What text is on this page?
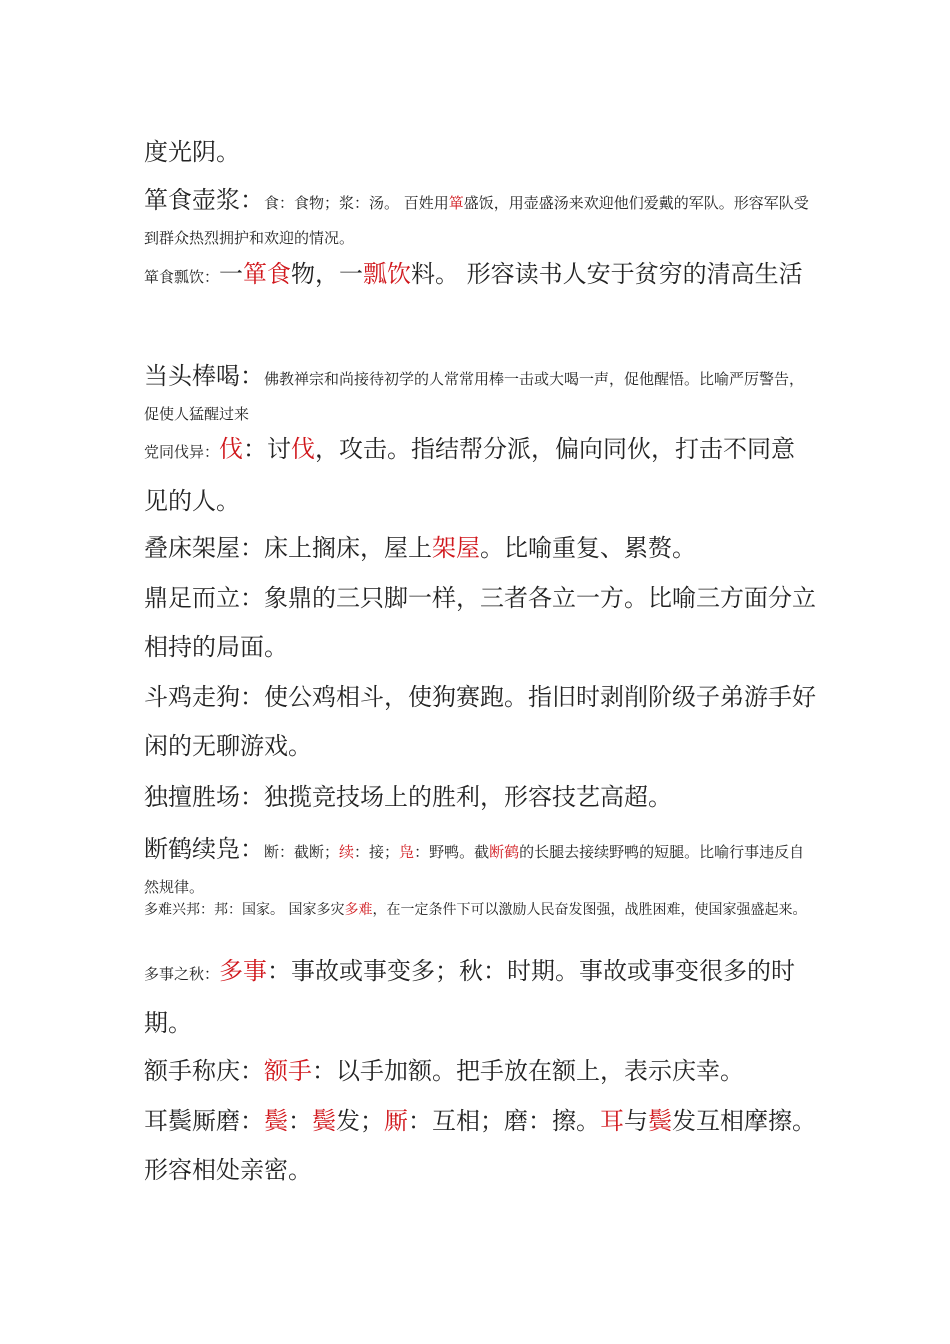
度光阴。

箪食壶浆：食：食物；浆：汤。 百姓用箪盛饭，用壶盛汤来欢迎他们爱戴的军队。形容军队受到群众热烈拥护和欢迎的情况。

箪食瓢饮：一箪食物，一瓢饮料。 形容读书人安于贫穷的清高生活

当头棒喝：佛教禅宗和尚接待初学的人常常用棒一击或大喝一声，促他醒悟。比喻严厉警告，促使人猛醒过来

党同伐异：伐：讨伐，攻击。指结帮分派，偏向同伙，打击不同意见的人。

叠床架屋：床上搁床，屋上架屋。比喻重复、累赘。

鼎足而立：象鼎的三只脚一样，三者各立一方。比喻三方面分立相持的局面。

斗鸡走狗：使公鸡相斗，使狗赛跑。指旧时剥削阶级子弟游手好闲的无聊游戏。

独擅胜场：独揽竞技场上的胜利，形容技艺高超。

断鹤续凫：断：截断；续：接；凫：野鸭。截断鹤的长腿去接续野鸭的短腿。比喻行事违反自然规律。

多难兴邦：邦：国家。 国家多灾多难，在一定条件下可以激励人民奋发图强，战胜困难，使国家强盛起来。

多事之秋：多事：事故或事变多；秋：时期。事故或事变很多的时期。

额手称庆：额手：以手加额。把手放在额上，表示庆幸。

耳鬓厮磨：鬓：鬓发；厮：互相；磨：擦。耳与鬓发互相摩擦。形容相处亲密。
